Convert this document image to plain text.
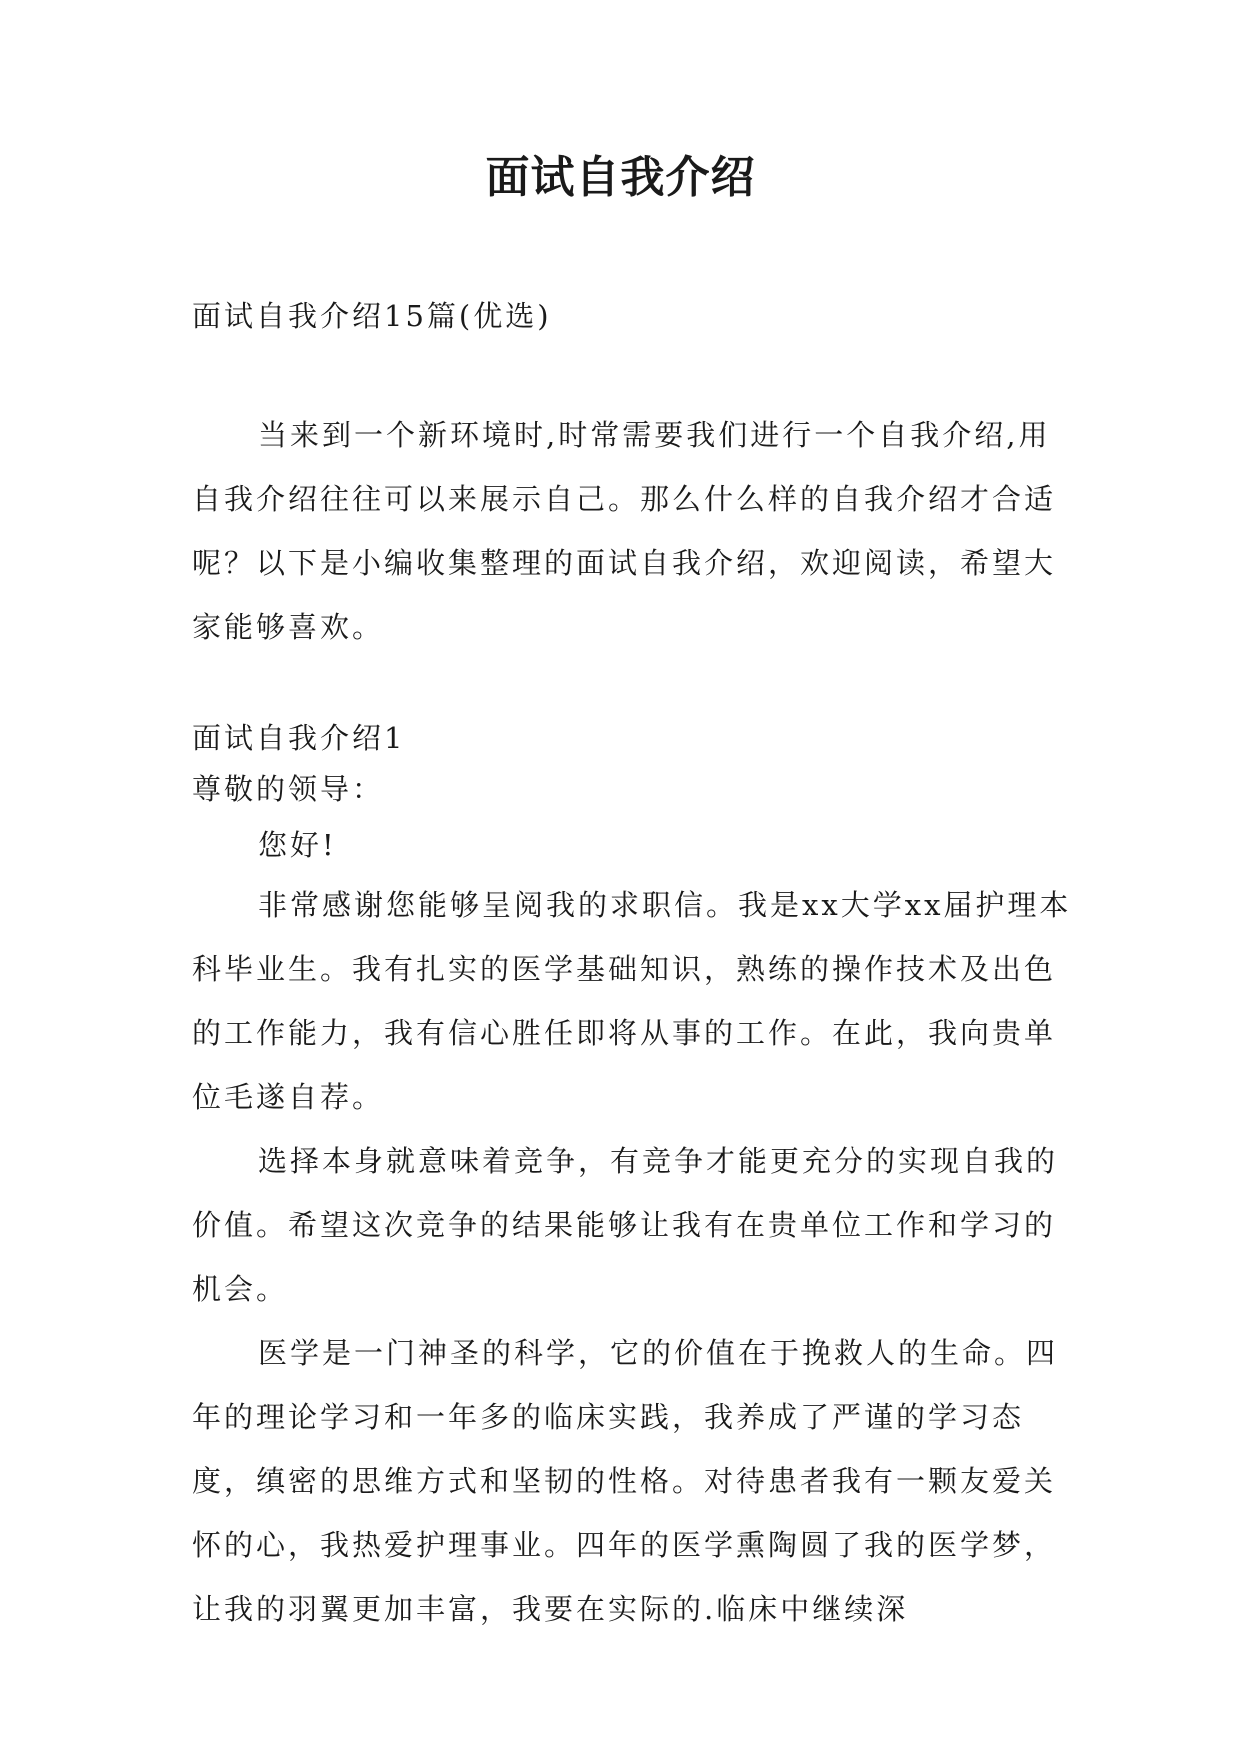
面试自我介绍

面试自我介绍15篇(优选)

当来到一个新环境时,时常需要我们进行一个自我介绍,用自我介绍往往可以来展示自己。那么什么样的自我介绍才合适呢？以下是小编收集整理的面试自我介绍，欢迎阅读，希望大家能够喜欢。

面试自我介绍1

尊敬的领导：

您好!

非常感谢您能够呈阅我的求职信。我是xx大学xx届护理本科毕业生。我有扎实的医学基础知识，熟练的操作技术及出色的工作能力，我有信心胜任即将从事的工作。在此，我向贵单位毛遂自荐。

选择本身就意味着竞争，有竞争才能更充分的实现自我的价值。希望这次竞争的结果能够让我有在贵单位工作和学习的机会。

医学是一门神圣的科学，它的价值在于挽救人的生命。四年的理论学习和一年多的临床实践，我养成了严谨的学习态度，缜密的思维方式和坚韧的性格。对待患者我有一颗友爱关怀的心，我热爱护理事业。四年的医学熏陶圆了我的医学梦，让我的羽翼更加丰富，我要在实际的.临床中继续深
